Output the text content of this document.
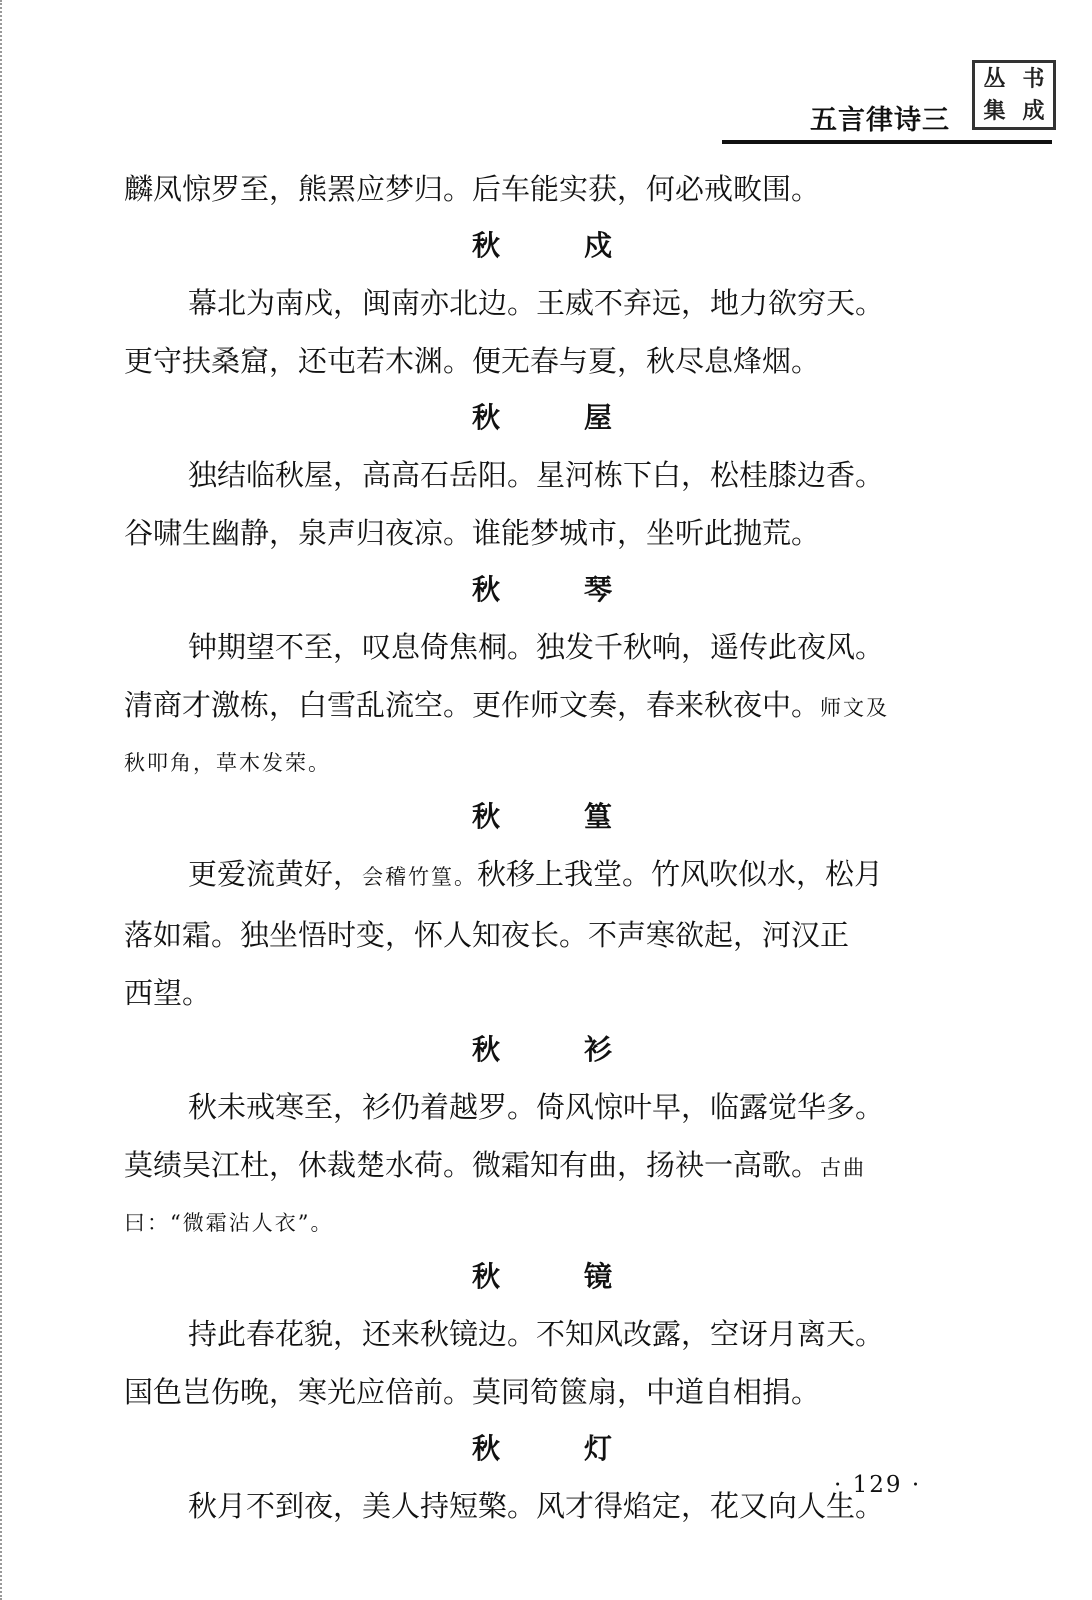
丛 书
集 成
五言律诗三
麟凤惊罗至，熊罴应梦归。后车能实获，何必戒畋围。
秋　戍
幕北为南戍，闽南亦北边。王威不弃远，地力欲穷天。
更守扶桑窟，还屯若木渊。便无春与夏，秋尽息烽烟。
秋　屋
独结临秋屋，高高石岳阳。星河栋下白，松桂膝边香。
谷啸生幽静，泉声归夜凉。谁能梦城市，坐听此抛荒。
秋　琴
钟期望不至，叹息倚焦桐。独发千秋响，遥传此夜风。
清商才激栋，白雪乱流空。更作师文奏，春来秋夜中。师文及
秋叩角，草木发荣。
秋　篁
更爱流黄好，会稽竹篁。秋移上我堂。竹风吹似水，松月
落如霜。独坐悟时变，怀人知夜长。不声寒欲起，河汉正
西望。
秋　衫
秋未戒寒至，衫仍着越罗。倚风惊叶早，临露觉华多。
莫绩吴江杜，休裁楚水荷。微霜知有曲，扬袂一高歌。古曲
曰：“微霜沾人衣”。
秋　镜
持此春花貌，还来秋镜边。不知风改露，空讶月离天。
国色岂伤晚，寒光应倍前。莫同筍篋扇，中道自相捐。
秋　灯
秋月不到夜，美人持短檠。风才得焰定，花又向人生。
· 129 ·
